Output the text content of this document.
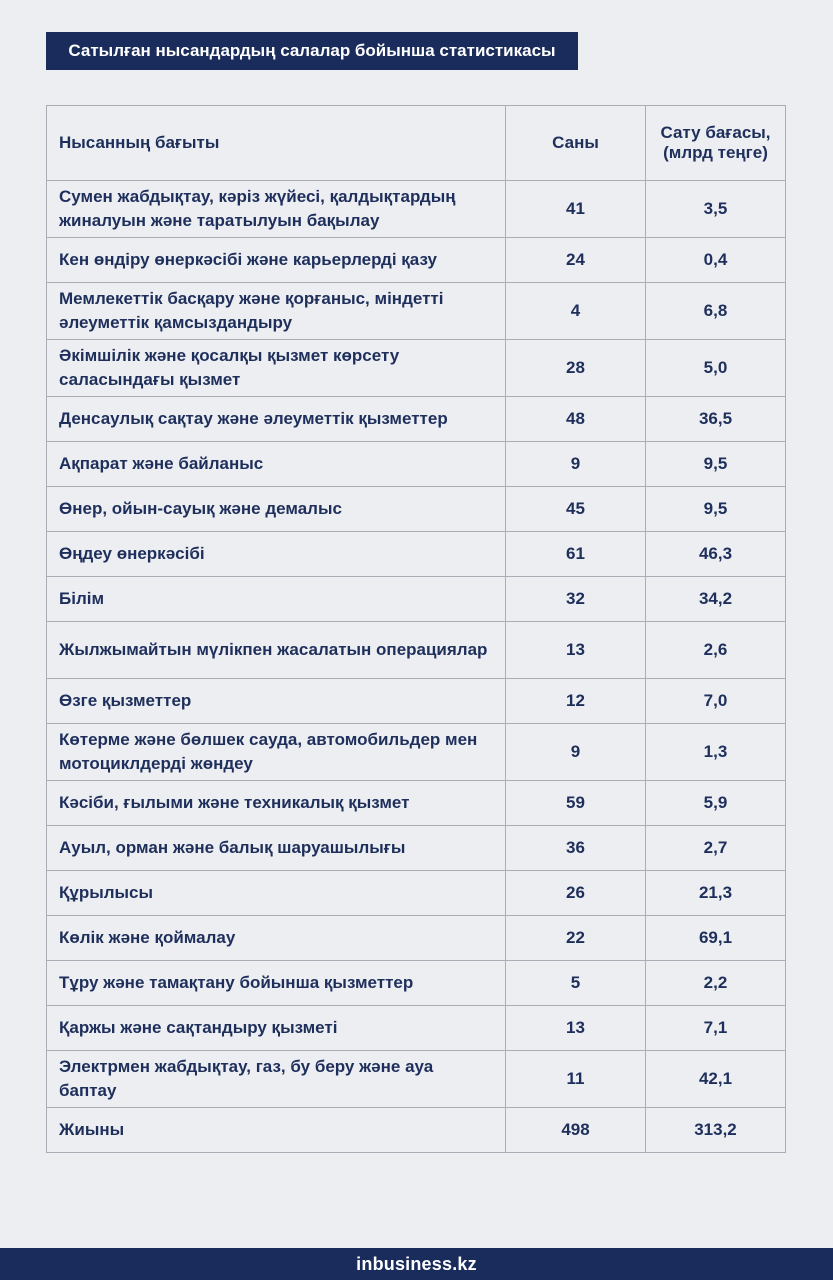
Сатылған нысандардың салалар бойынша статистикасы
Нысанның бағыты	Саны	Сату бағасы, (млрд теңге)
Сумен жабдықтау, кәріз жүйесі, қалдықтардың жиналуын және таратылуын бақылау	41	3,5
Кен өндіру өнеркәсібі және карьерлерді қазу	24	0,4
Мемлекеттік басқару және қорғаныс, міндетті әлеуметтік қамсыздандыру	4	6,8
Әкімшілік және қосалқы қызмет көрсету саласындағы қызмет	28	5,0
Денсаулық сақтау және әлеуметтік қызметтер	48	36,5
Ақпарат және байланыс	9	9,5
Өнер, ойын-сауық және демалыс	45	9,5
Өңдеу өнеркәсібі	61	46,3
Білім	32	34,2
Жылжымайтын мүлікпен жасалатын операциялар	13	2,6
Өзге қызметтер	12	7,0
Көтерме және бөлшек сауда, автомобильдер мен мотоциклдерді жөндеу	9	1,3
Кәсіби, ғылыми және техникалық қызмет	59	5,9
Ауыл, орман және балық шаруашылығы	36	2,7
Құрылысы	26	21,3
Көлік және қоймалау	22	69,1
Тұру және тамақтану бойынша қызметтер	5	2,2
Қаржы және сақтандыру қызметі	13	7,1
Электрмен жабдықтау, газ, бу беру және ауа баптау	11	42,1
Жиыны	498	313,2
inbusiness.kz
